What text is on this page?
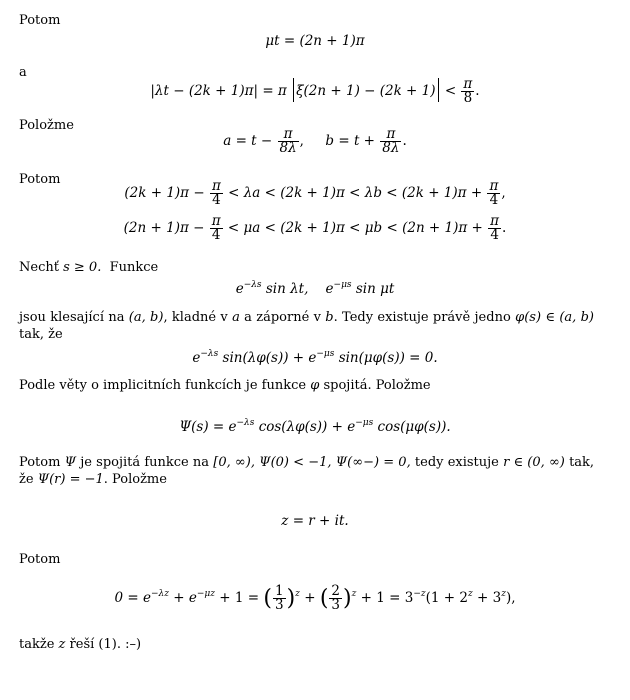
Potom

μt = (2n + 1)π

a

|λt − (2k + 1)π| = π $\xi(2n + 1) - (2k + 1) < \frac{\pi}{8}$ .

Položme

$a = t - \frac{\pi}{8\lambda}$ ,     $b = t + \frac{\pi}{8\lambda}$ .

Potom

$(2k + 1)\pi - \frac{\pi}{4} < \lambda a < (2k + 1)\pi < \lambda b < (2k + 1)\pi + \frac{\pi}{4}$ ,
$(2n + 1)\pi - \frac{\pi}{4} < \mu a < (2k + 1)\pi < \mu b < (2n + 1)\pi + \frac{\pi}{4}$ .

Nechť s ≥ 0. Funkce

$e^{-\lambda s}$ sin λt, $e^{-\mu s}$ sin μt

jsou klesající na (a, b), kladné v a a záporné v b. Tedy existuje právě jedno φ(s) ∈ (a, b) tak, že

$e^{-\lambda s}$ $\sin(\lambda\varphi(s)) + e^{-\mu s}$ sin(μφ(s)) = 0.

Podle věty o implicitních funkcích je funkce φ spojitá. Položme

$\Psi(s) = e^{-\lambda s}$ $\cos(\lambda\varphi(s)) + e^{-\mu s}$ cos(μφ(s)).

Potom Ψ je spojitá funkce na [0, ∞), Ψ(0) < −1, Ψ(∞−) = 0, tedy existuje r ∈ (0, ∞) tak, že Ψ(r) = −1. Položme

z = r + it.

Potom

$0 = e^{-\lambda z} + e^{-\mu z} + 1$ = ( $\frac{1}{3} )^z$ + ( $\frac{2}{3} )^z + 1 = 3^{-z}(1 + 2^z + 3^z)$,

takže z řeší (1). :–)
